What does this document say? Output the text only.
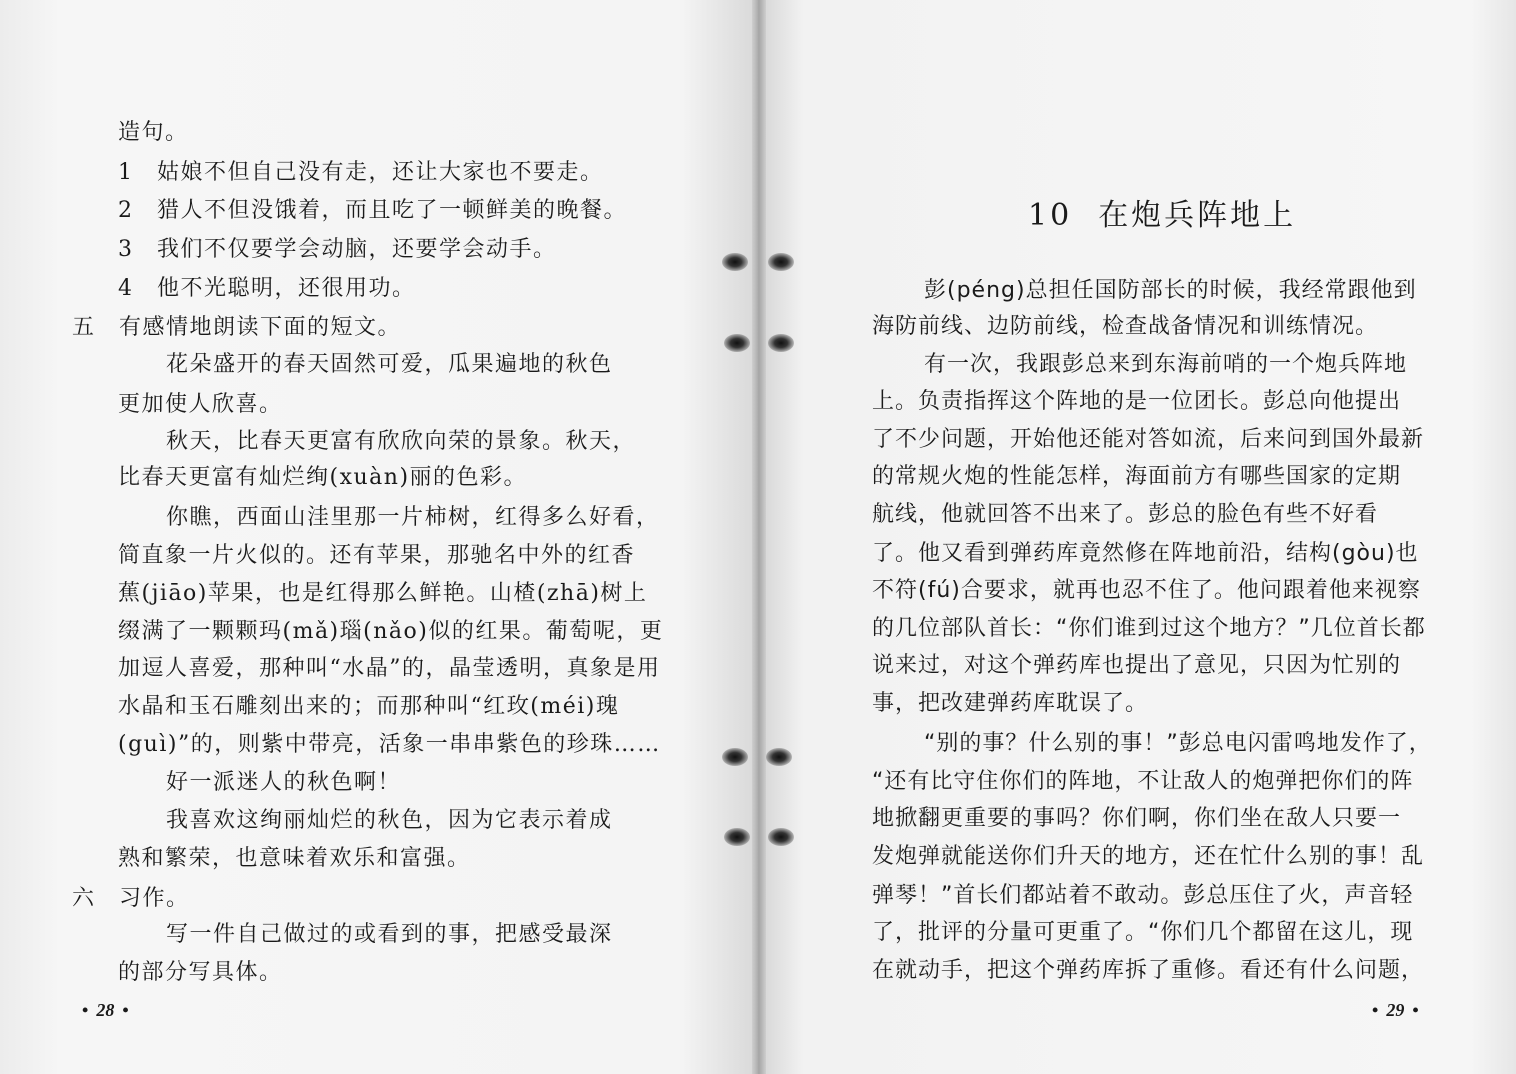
造句。
1　姑娘不但自己没有走，还让大家也不要走。
2　猎人不但没饿着，而且吃了一顿鲜美的晚餐。
3　我们不仅要学会动脑，还要学会动手。
4　他不光聪明，还很用功。
五　有感情地朗读下面的短文。
花朵盛开的春天固然可爱，瓜果遍地的秋色
更加使人欣喜。
秋天，比春天更富有欣欣向荣的景象。秋天，
比春天更富有灿烂绚(xuàn)丽的色彩。
你瞧，西面山洼里那一片柿树，红得多么好看，
简直象一片火似的。还有苹果，那驰名中外的红香
蕉(jiāo)苹果，也是红得那么鲜艳。山楂(zhā)树上
缀满了一颗颗玛(mǎ)瑙(nǎo)似的红果。葡萄呢，更
加逗人喜爱，那种叫“水晶”的，晶莹透明，真象是用
水晶和玉石雕刻出来的；而那种叫“红玫(méi)瑰
(guì)”的，则紫中带亮，活象一串串紫色的珍珠……
好一派迷人的秋色啊！
我喜欢这绚丽灿烂的秋色，因为它表示着成
熟和繁荣，也意味着欢乐和富强。
六　习作。
写一件自己做过的或看到的事，把感受最深
的部分写具体。
• 28 •
10 在炮兵阵地上
彭(péng)总担任国防部长的时候，我经常跟他到
海防前线、边防前线，检查战备情况和训练情况。
有一次，我跟彭总来到东海前哨的一个炮兵阵地
上。负责指挥这个阵地的是一位团长。彭总向他提出
了不少问题，开始他还能对答如流，后来问到国外最新
的常规火炮的性能怎样，海面前方有哪些国家的定期
航线，他就回答不出来了。彭总的脸色有些不好看
了。他又看到弹药库竟然修在阵地前沿，结构(gòu)也
不符(fú)合要求，就再也忍不住了。他问跟着他来视察
的几位部队首长：“你们谁到过这个地方？”几位首长都
说来过，对这个弹药库也提出了意见，只因为忙别的
事，把改建弹药库耽误了。
“别的事？什么别的事！”彭总电闪雷鸣地发作了，
“还有比守住你们的阵地，不让敌人的炮弹把你们的阵
地掀翻更重要的事吗？你们啊，你们坐在敌人只要一
发炮弹就能送你们升天的地方，还在忙什么别的事！乱
弹琴！”首长们都站着不敢动。彭总压住了火，声音轻
了，批评的分量可更重了。“你们几个都留在这儿，现
在就动手，把这个弹药库拆了重修。看还有什么问题，
• 29 •
